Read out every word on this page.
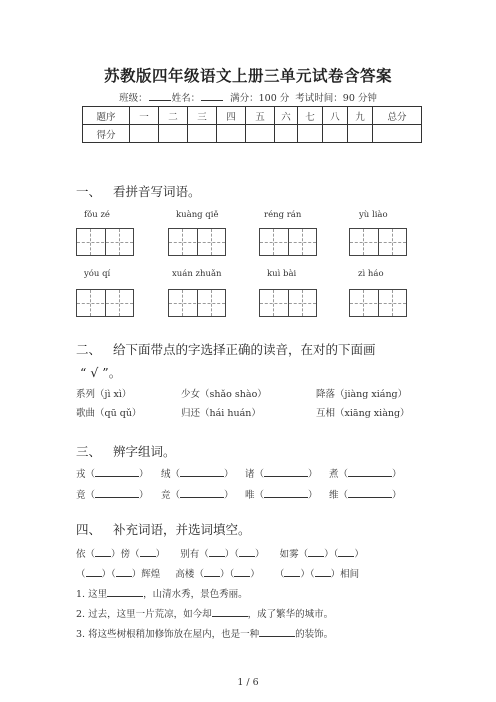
苏教版四年级语文上册三单元试卷含答案
班级：	姓名：	满分：100 分 考试时间：90 分钟
题序	一	二	三	四	五	六	七	八	九	总分
得分										
一、 看拼音写词语。
fǒu zé	kuàng qiě	réng rán	yù liào
yóu qí	xuán zhuǎn	kuì bài	zì háo
二、 给下面带点的字选择正确的读音，在对的下面画
“ √ ”。
系列（jì xì）	少女（shǎo shào）	降落（jiàng xiáng）
歌曲（qū qǔ）	归还（hái huán）	互相（xiāng xiàng）
三、 辨字组词。
戎（	） 绒（	） 诸（	） 煮（	）
竟（	） 竞（	） 唯（	） 维（	）
四、 补充词语，并选词填空。
依（ ）傍（ ）     别有（ ）（ ）     如雾（ ）（ ）
（ ）（ ）辉煌 高楼（ ）（ ）     （ ）（ ）相间
1. 这里	，山清水秀，景色秀丽。
2. 过去，这里一片荒凉，如今却	，成了繁华的城市。
3. 将这些树根稍加修饰放在屋内，也是一种	的装饰。
1 / 6
